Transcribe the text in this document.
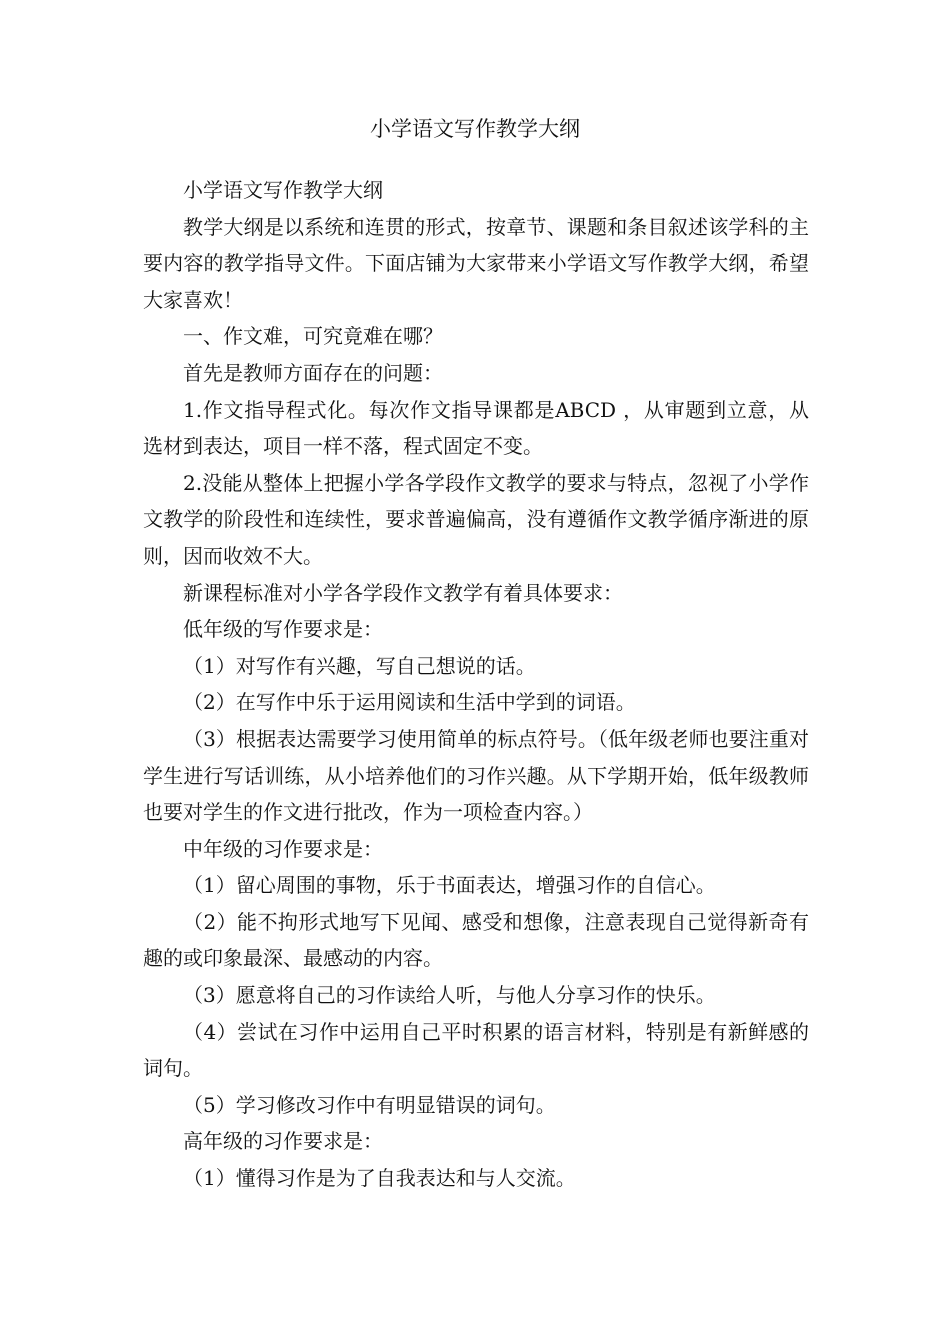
小学语文写作教学大纲

小学语文写作教学大纲

教学大纲是以系统和连贯的形式，按章节、课题和条目叙述该学科的主要内容的教学指导文件。下面店铺为大家带来小学语文写作教学大纲，希望大家喜欢！

一、作文难，可究竟难在哪？

首先是教师方面存在的问题：

1.作文指导程式化。每次作文指导课都是ABCD ，从审题到立意，从选材到表达，项目一样不落，程式固定不变。

2.没能从整体上把握小学各学段作文教学的要求与特点，忽视了小学作文教学的阶段性和连续性，要求普遍偏高，没有遵循作文教学循序渐进的原则，因而收效不大。

新课程标准对小学各学段作文教学有着具体要求：

低年级的写作要求是：

（1）对写作有兴趣，写自己想说的话。

（2）在写作中乐于运用阅读和生活中学到的词语。

（3）根据表达需要学习使用简单的标点符号。（低年级老师也要注重对学生进行写话训练，从小培养他们的习作兴趣。从下学期开始，低年级教师也要对学生的作文进行批改，作为一项检查内容。）

中年级的习作要求是：

（1）留心周围的事物，乐于书面表达，增强习作的自信心。

（2）能不拘形式地写下见闻、感受和想像，注意表现自己觉得新奇有趣的或印象最深、最感动的内容。

（3）愿意将自己的习作读给人听，与他人分享习作的快乐。

（4）尝试在习作中运用自己平时积累的语言材料，特别是有新鲜感的词句。

（5）学习修改习作中有明显错误的词句。

高年级的习作要求是：

（1）懂得习作是为了自我表达和与人交流。
